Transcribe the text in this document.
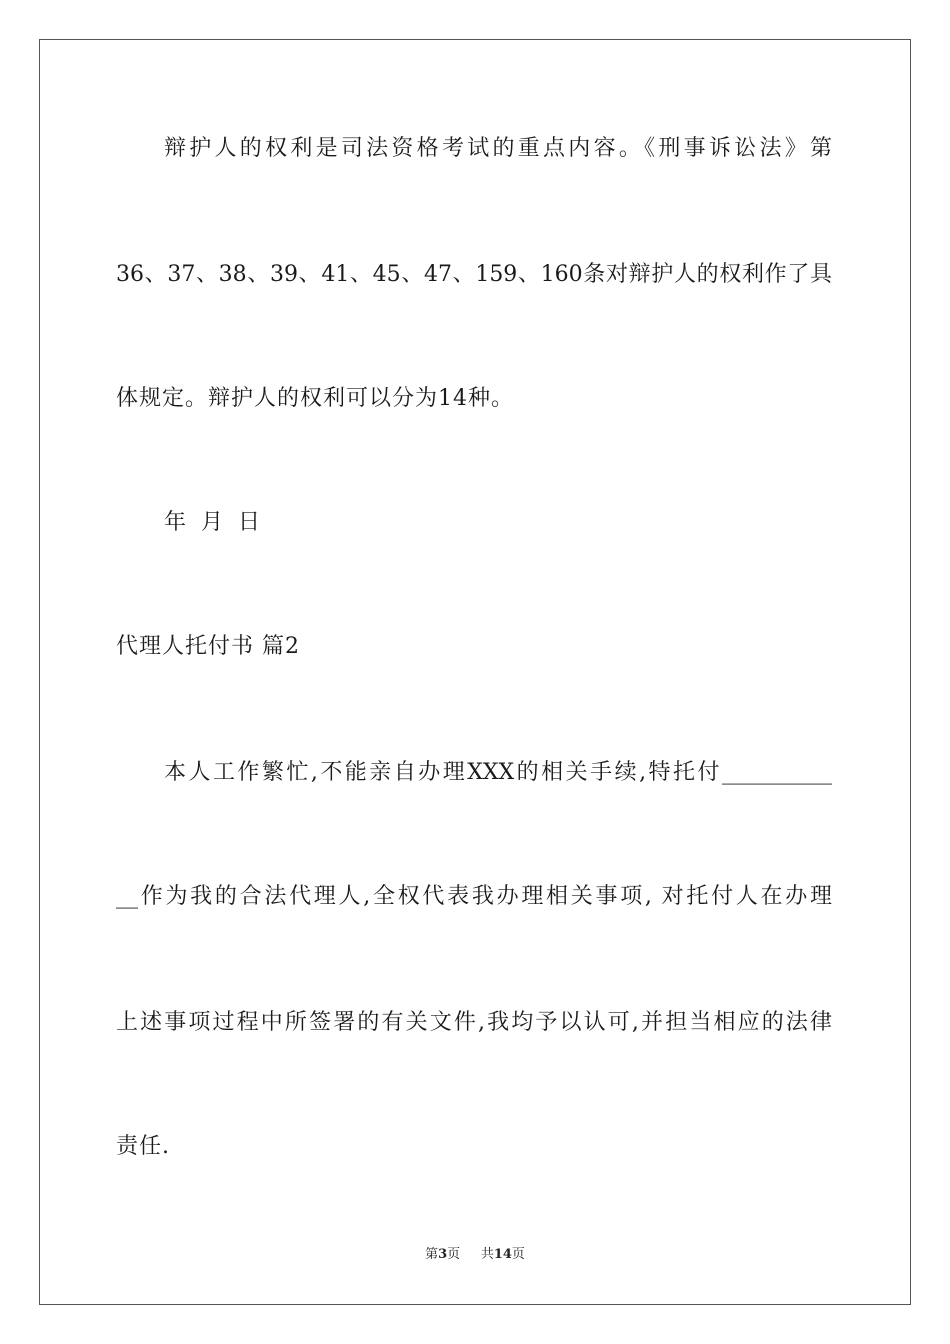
辩护人的权利是司法资格考试的重点内容。《刑事诉讼法》第
36、37、38、39、41、45、47、159、160条对辩护人的权利作了具
体规定。辩护人的权利可以分为14种。
年 月 日
代理人托付书 篇2
本人工作繁忙,不能亲自办理XXX的相关手续,特托付__________
__作为我的合法代理人,全权代表我办理相关事项, 对托付人在办理
上述事项过程中所签署的有关文件,我均予以认可,并担当相应的法律
责任.
第3页 共14页
